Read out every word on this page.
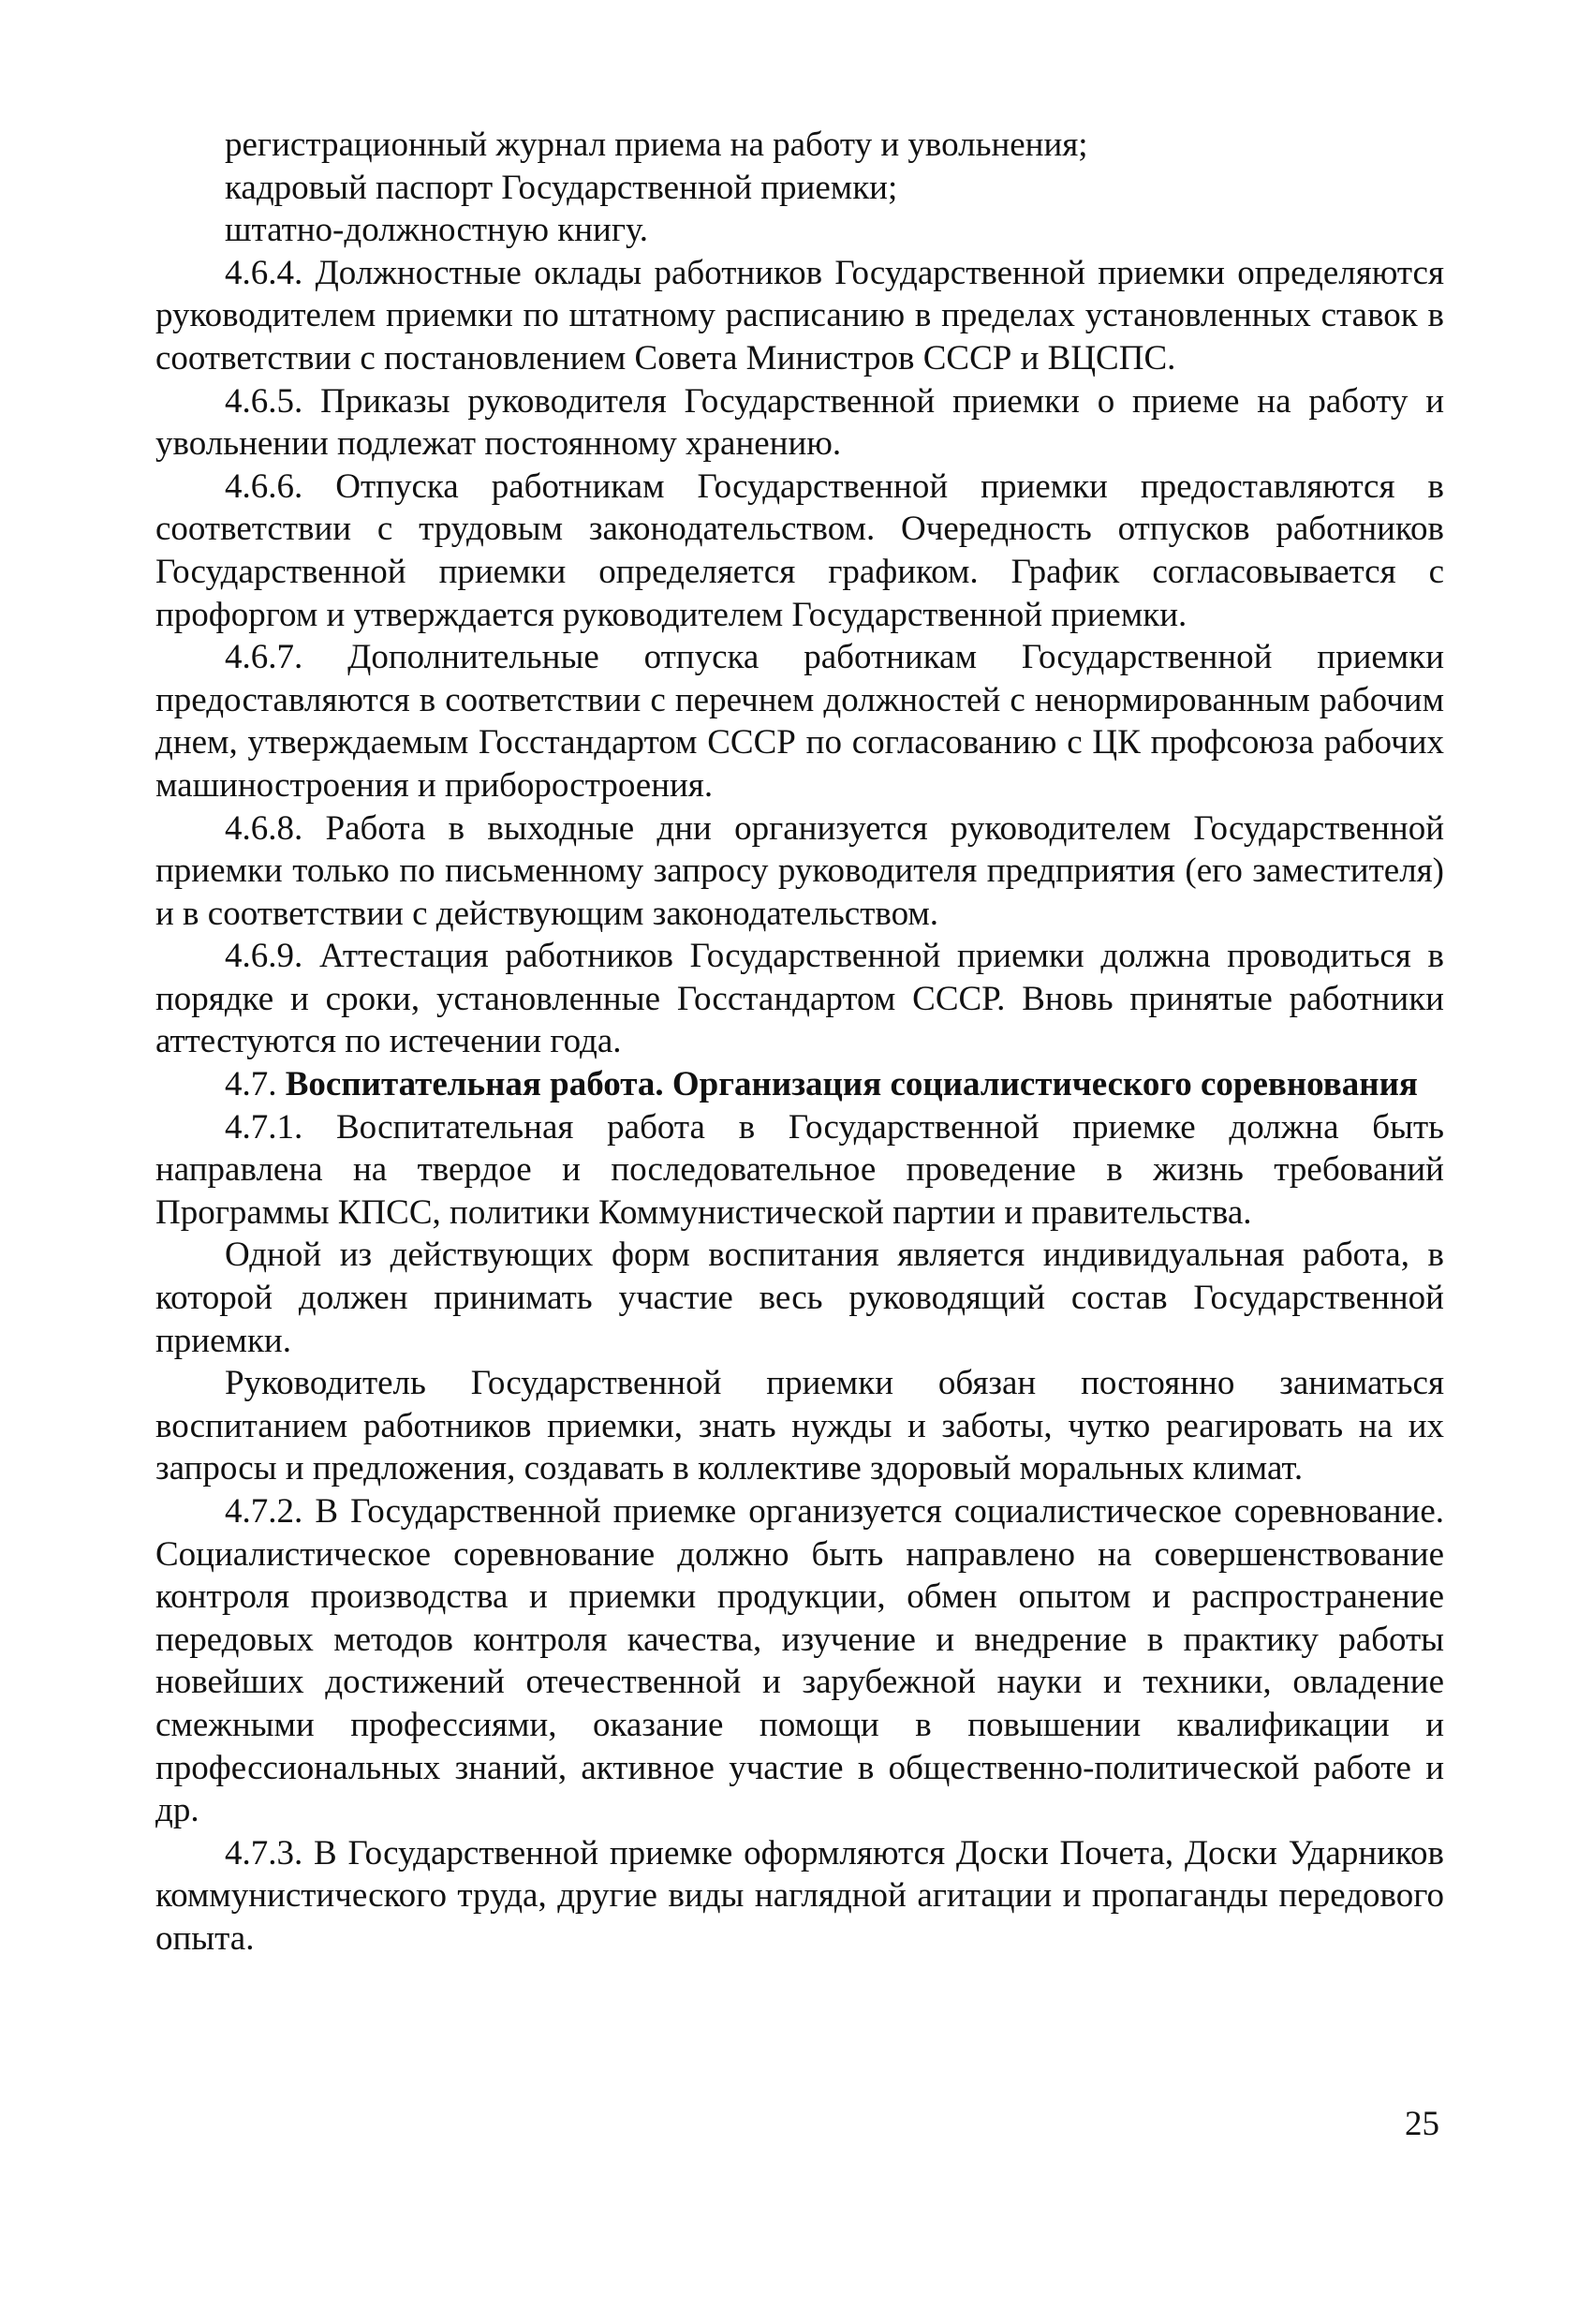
регистрационный журнал приема на работу и увольнения;

кадровый паспорт Государственной приемки;

штатно-должностную книгу.

4.6.4. Должностные оклады работников Государственной приемки определяются руководителем приемки по штатному расписанию в пределах установленных ставок в соответствии с постановлением Совета Министров СССР и ВЦСПС.

4.6.5. Приказы руководителя Государственной приемки о приеме на работу и увольнении подлежат постоянному хранению.

4.6.6. Отпуска работникам Государственной приемки предоставляются в соответствии с трудовым законодательством. Очередность отпусков работников Государственной приемки определяется графиком. График согласовывается с профоргом и утверждается руководителем Государственной приемки.

4.6.7. Дополнительные отпуска работникам Государственной приемки предоставляются в соответствии с перечнем должностей с ненормированным рабочим днем, утверждаемым Госстандартом СССР по согласованию с ЦК профсоюза рабочих машиностроения и приборостроения.

4.6.8. Работа в выходные дни организуется руководителем Государственной приемки только по письменному запросу руководителя предприятия (его заместителя) и в соответствии с действующим законодательством.

4.6.9. Аттестация работников Государственной приемки должна проводиться в порядке и сроки, установленные Госстандартом СССР. Вновь принятые работники аттестуются по истечении года.

4.7. Воспитательная работа. Организация социалистического соревнования

4.7.1. Воспитательная работа в Государственной приемке должна быть направлена на твердое и последовательное проведение в жизнь требований Программы КПСС, политики Коммунистической партии и правительства.

Одной из действующих форм воспитания является индивидуальная работа, в которой должен принимать участие весь руководящий состав Государственной приемки.

Руководитель Государственной приемки обязан постоянно заниматься воспитанием работников приемки, знать нужды и заботы, чутко реагировать на их запросы и предложения, создавать в коллективе здоровый моральных климат.

4.7.2. В Государственной приемке организуется социалистическое соревнование. Социалистическое соревнование должно быть направлено на совершенствование контроля производства и приемки продукции, обмен опытом и распространение передовых методов контроля качества, изучение и внедрение в практику работы новейших достижений отечественной и зарубежной науки и техники, овладение смежными профессиями, оказание помощи в повышении квалификации и профессиональных знаний, активное участие в общественно-политической работе и др.

4.7.3. В Государственной приемке оформляются Доски Почета, Доски Ударников коммунистического труда, другие виды наглядной агитации и пропаганды передового опыта.

25
